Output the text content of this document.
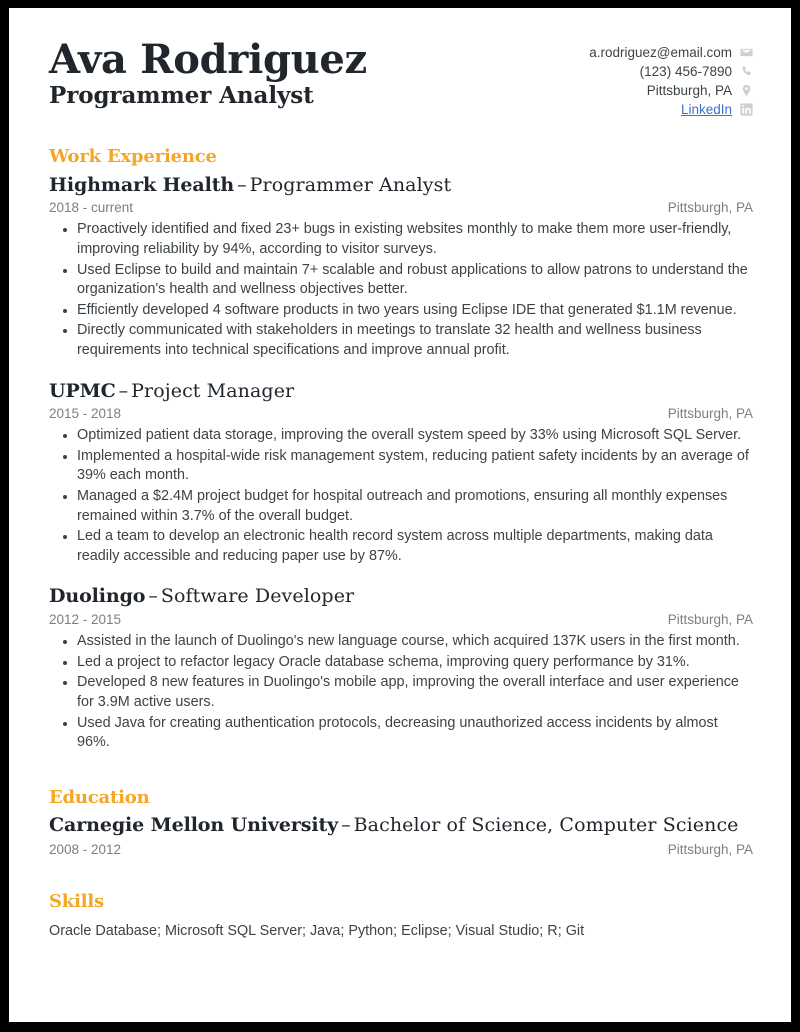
Ava Rodriguez
Programmer Analyst
a.rodriguez@email.com
(123) 456-7890
Pittsburgh, PA
LinkedIn
Work Experience
Highmark Health – Programmer Analyst
2018 - current	Pittsburgh, PA
Proactively identified and fixed 23+ bugs in existing websites monthly to make them more user-friendly, improving reliability by 94%, according to visitor surveys.
Used Eclipse to build and maintain 7+ scalable and robust applications to allow patrons to understand the organization's health and wellness objectives better.
Efficiently developed 4 software products in two years using Eclipse IDE that generated $1.1M revenue.
Directly communicated with stakeholders in meetings to translate 32 health and wellness business requirements into technical specifications and improve annual profit.
UPMC – Project Manager
2015 - 2018	Pittsburgh, PA
Optimized patient data storage, improving the overall system speed by 33% using Microsoft SQL Server.
Implemented a hospital-wide risk management system, reducing patient safety incidents by an average of 39% each month.
Managed a $2.4M project budget for hospital outreach and promotions, ensuring all monthly expenses remained within 3.7% of the overall budget.
Led a team to develop an electronic health record system across multiple departments, making data readily accessible and reducing paper use by 87%.
Duolingo – Software Developer
2012 - 2015	Pittsburgh, PA
Assisted in the launch of Duolingo's new language course, which acquired 137K users in the first month.
Led a project to refactor legacy Oracle database schema, improving query performance by 31%.
Developed 8 new features in Duolingo's mobile app, improving the overall interface and user experience for 3.9M active users.
Used Java for creating authentication protocols, decreasing unauthorized access incidents by almost 96%.
Education
Carnegie Mellon University – Bachelor of Science, Computer Science
2008 - 2012	Pittsburgh, PA
Skills
Oracle Database; Microsoft SQL Server; Java; Python; Eclipse; Visual Studio; R; Git
